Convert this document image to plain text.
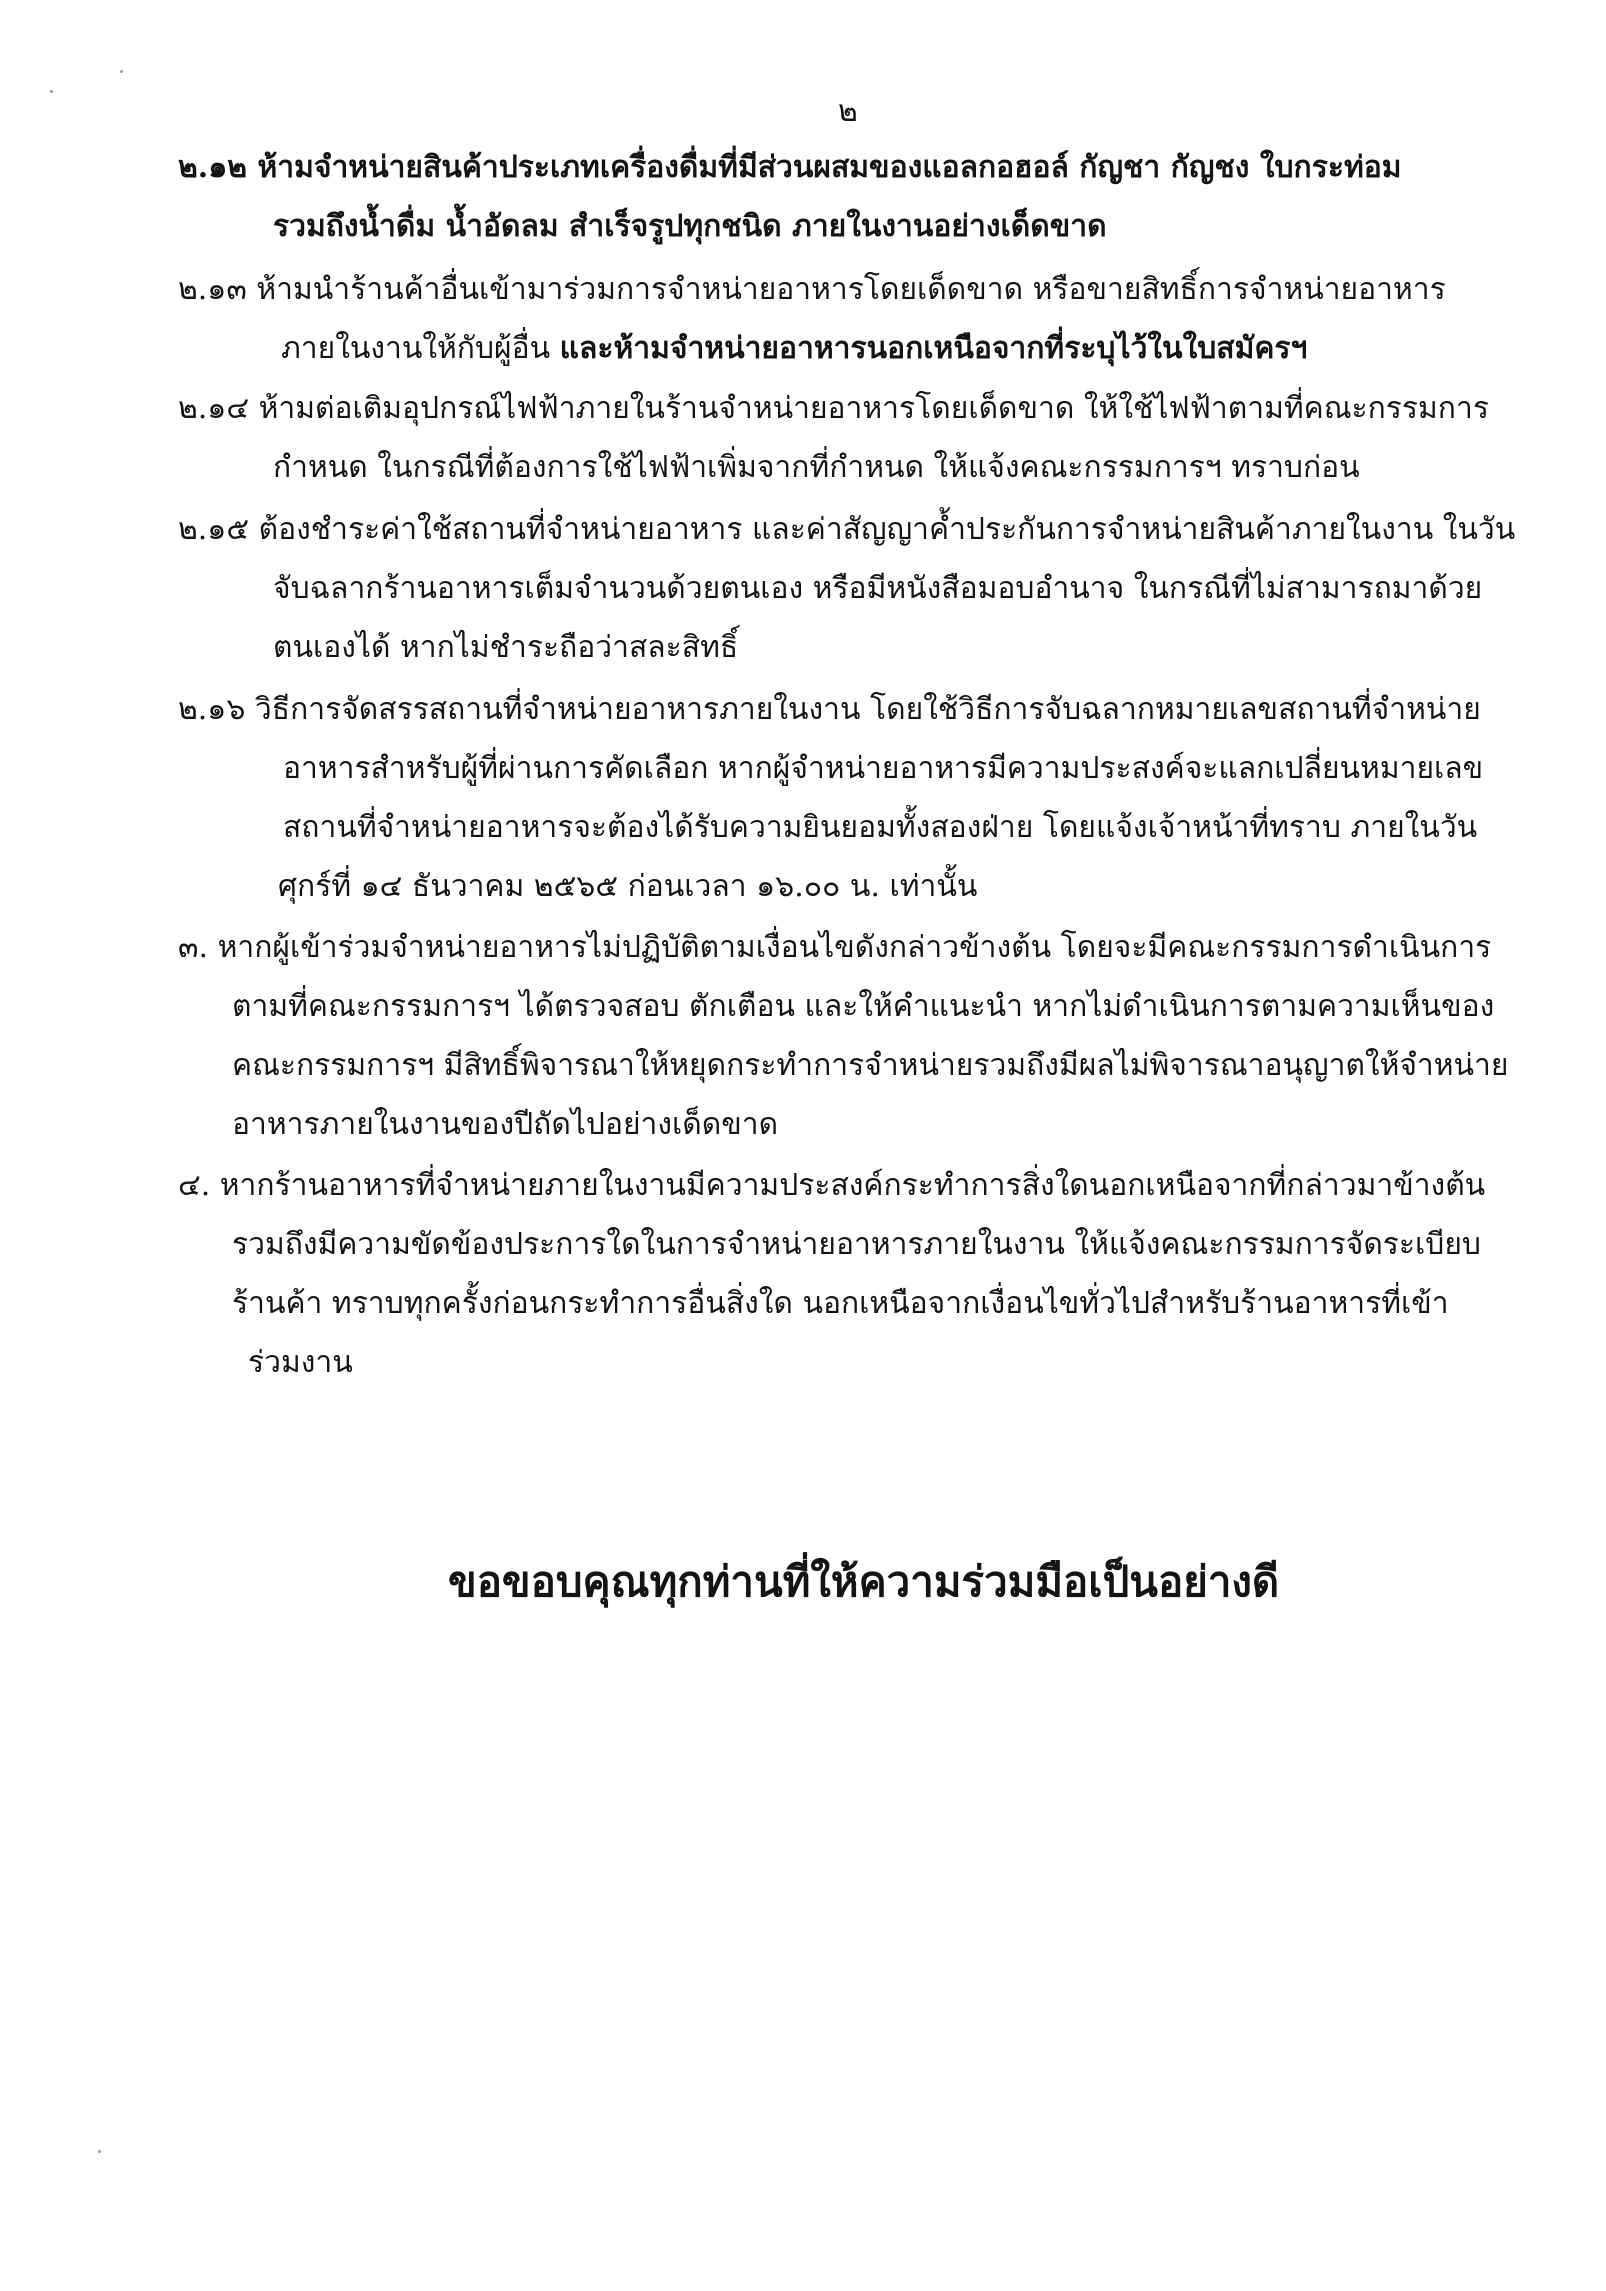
๒
๒.๑๒ ห้ามจำหน่ายสินค้าประเภทเครื่องดื่มที่มีส่วนผสมของแอลกอฮอล์ กัญชา กัญชง ใบกระท่อม
รวมถึงน้ำดื่ม น้ำอัดลม สำเร็จรูปทุกชนิด ภายในงานอย่างเด็ดขาด
๒.๑๓ ห้ามนำร้านค้าอื่นเข้ามาร่วมการจำหน่ายอาหารโดยเด็ดขาด หรือขายสิทธิ์การจำหน่ายอาหาร
ภายในงานให้กับผู้อื่น และห้ามจำหน่ายอาหารนอกเหนือจากที่ระบุไว้ในใบสมัครฯ
๒.๑๔ ห้ามต่อเติมอุปกรณ์ไฟฟ้าภายในร้านจำหน่ายอาหารโดยเด็ดขาด ให้ใช้ไฟฟ้าตามที่คณะกรรมการ
กำหนด ในกรณีที่ต้องการใช้ไฟฟ้าเพิ่มจากที่กำหนด ให้แจ้งคณะกรรมการฯ ทราบก่อน
๒.๑๕ ต้องชำระค่าใช้สถานที่จำหน่ายอาหาร และค่าสัญญาค้ำประกันการจำหน่ายสินค้าภายในงาน ในวัน
จับฉลากร้านอาหารเต็มจำนวนด้วยตนเอง หรือมีหนังสือมอบอำนาจ ในกรณีที่ไม่สามารถมาด้วย
ตนเองได้ หากไม่ชำระถือว่าสละสิทธิ์
๒.๑๖ วิธีการจัดสรรสถานที่จำหน่ายอาหารภายในงาน โดยใช้วิธีการจับฉลากหมายเลขสถานที่จำหน่าย
อาหารสำหรับผู้ที่ผ่านการคัดเลือก หากผู้จำหน่ายอาหารมีความประสงค์จะแลกเปลี่ยนหมายเลข
สถานที่จำหน่ายอาหารจะต้องได้รับความยินยอมทั้งสองฝ่าย โดยแจ้งเจ้าหน้าที่ทราบ ภายในวัน
ศุกร์ที่ ๑๔ ธันวาคม ๒๕๖๕ ก่อนเวลา ๑๖.๐๐ น. เท่านั้น
๓. หากผู้เข้าร่วมจำหน่ายอาหารไม่ปฏิบัติตามเงื่อนไขดังกล่าวข้างต้น โดยจะมีคณะกรรมการดำเนินการ
ตามที่คณะกรรมการฯ ได้ตรวจสอบ ตักเตือน และให้คำแนะนำ หากไม่ดำเนินการตามความเห็นของ
คณะกรรมการฯ มีสิทธิ์พิจารณาให้หยุดกระทำการจำหน่ายรวมถึงมีผลไม่พิจารณาอนุญาตให้จำหน่าย
อาหารภายในงานของปีถัดไปอย่างเด็ดขาด
๔. หากร้านอาหารที่จำหน่ายภายในงานมีความประสงค์กระทำการสิ่งใดนอกเหนือจากที่กล่าวมาข้างต้น
รวมถึงมีความขัดข้องประการใดในการจำหน่ายอาหารภายในงาน ให้แจ้งคณะกรรมการจัดระเบียบ
ร้านค้า ทราบทุกครั้งก่อนกระทำการอื่นสิ่งใด นอกเหนือจากเงื่อนไขทั่วไปสำหรับร้านอาหารที่เข้า
ร่วมงาน
ขอขอบคุณทุกท่านที่ให้ความร่วมมือเป็นอย่างดี
